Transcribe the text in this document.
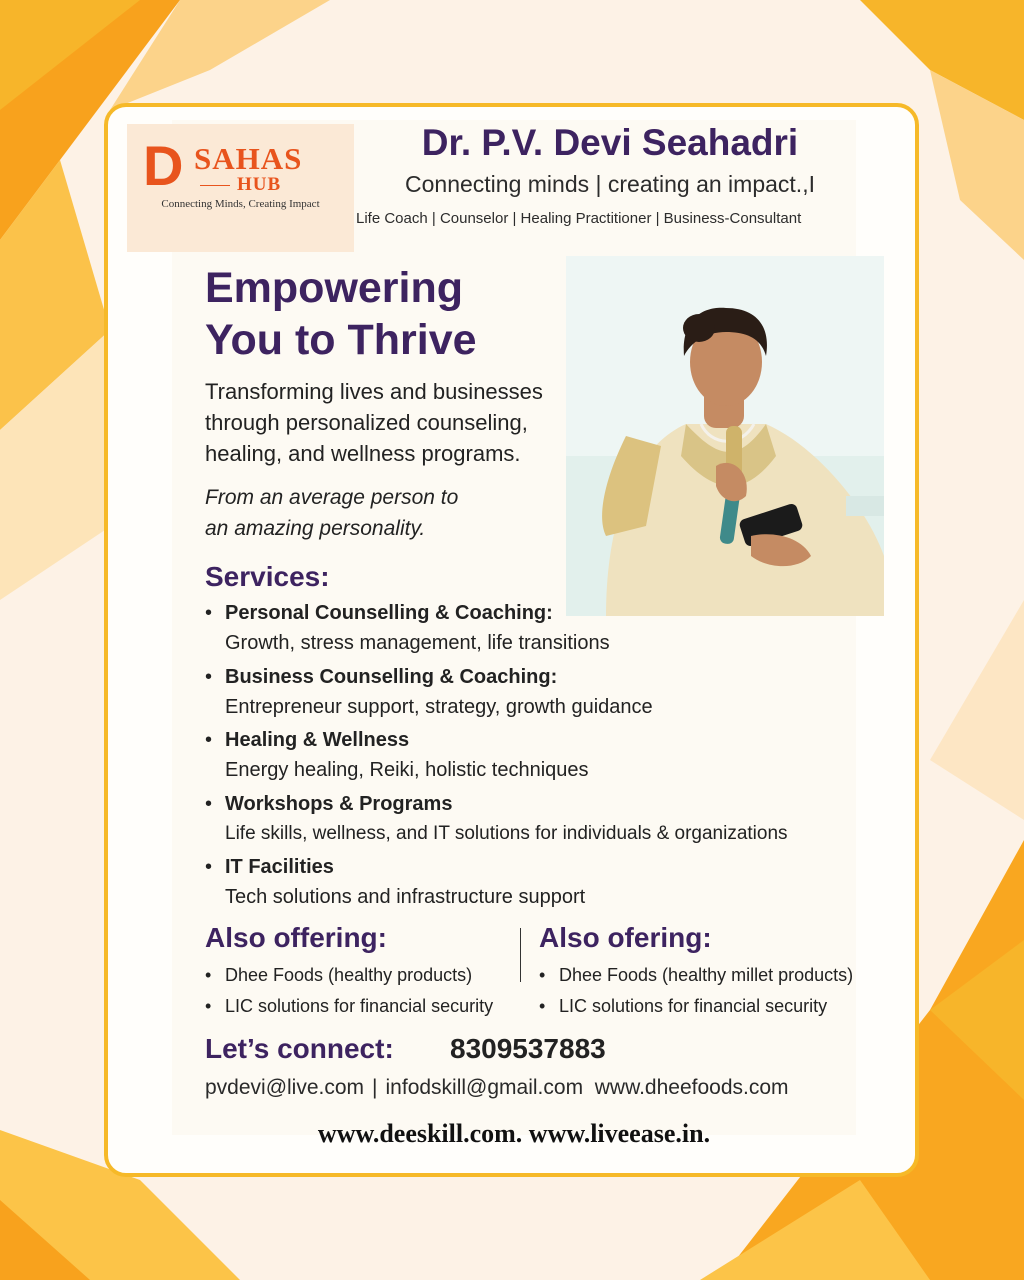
D SAHAS
HUB
Connecting Minds, Creating Impact
Dr. P.V. Devi Seahadri
Connecting minds | creating an impact.,I
Life Coach | Counselor | Healing Practitioner | Business-Consultant
Empowering
You to Thrive
Transforming lives and businesses
through personalized counseling,
healing, and wellness programs.
From an average person to
an amazing personality.
Services:
• Personal Counselling & Coaching:
Growth, stress management, life transitions
• Business Counselling & Coaching:
Entrepreneur support, strategy, growth guidance
• Healing & Wellness
Energy healing, Reiki, holistic techniques
• Workshops & Programs
Life skills, wellness, and IT solutions for individuals & organizations
• IT Facilities
Tech solutions and infrastructure support
Also offering:	Also ofering:
• Dhee Foods (healthy products)
• LIC solutions for financial security
• Dhee Foods (healthy millet products)
• LIC solutions for financial security
Let’s connect: 8309537883
pvdevi@live.com | infodskill@gmail.com www.dheefoods.com
www.deeskill.com. www.liveease.in.
